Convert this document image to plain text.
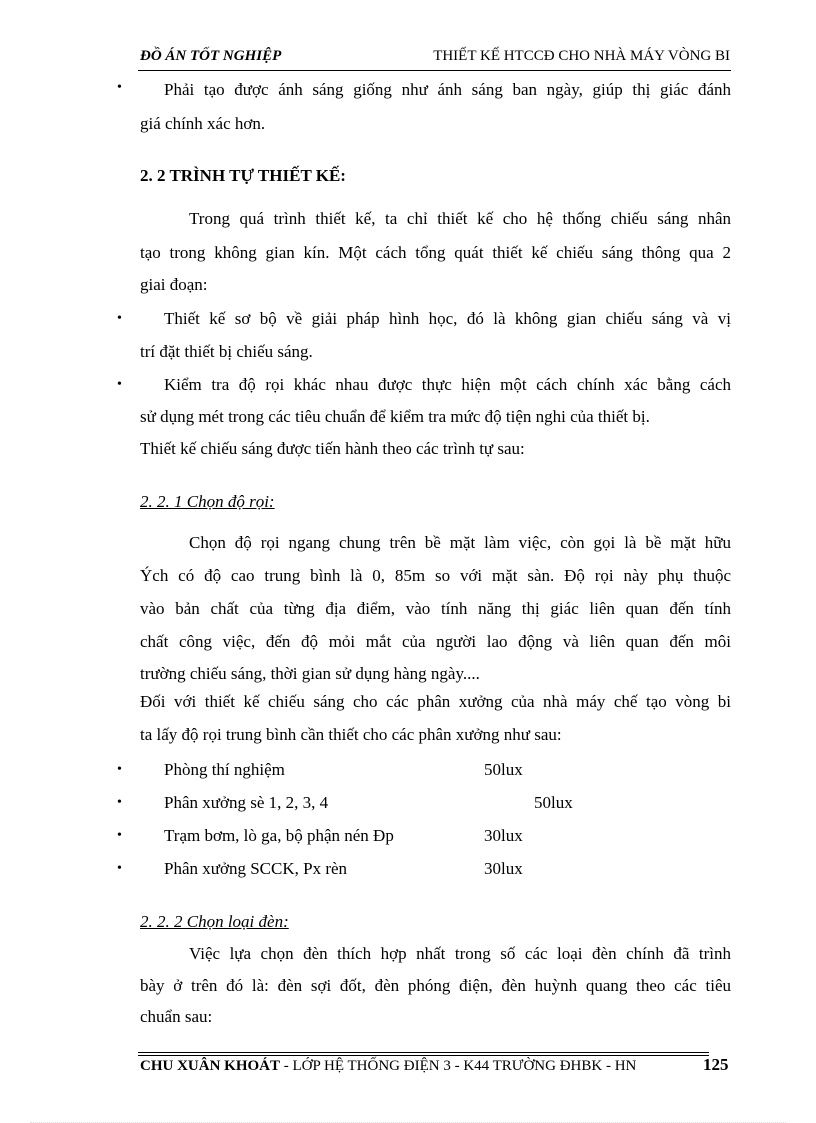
ĐỒ ÁN TỐT NGHIỆP	THIẾT KẾ HTCCĐ CHO NHÀ MÁY VÒNG BI
• Phải tạo được ánh sáng giống như ánh sáng ban ngày, giúp thị giác đánh
giá chính xác hơn.
2. 2 TRÌNH TỰ THIẾT KẾ:
Trong quá trình thiết kế, ta chỉ thiết kế cho hệ thống chiếu sáng nhân
tạo trong không gian kín. Một cách tổng quát thiết kế chiếu sáng thông qua 2
giai đoạn:
• Thiết kế sơ bộ về giải pháp hình học, đó là không gian chiếu sáng và vị
trí đặt thiết bị chiếu sáng.
• Kiểm tra độ rọi khác nhau được thực hiện một cách chính xác bằng cách
sử dụng mét trong các tiêu chuẩn để kiểm tra mức độ tiện nghi của thiết bị.
Thiết kế chiếu sáng được tiến hành theo các trình tự sau:
2. 2. 1 Chọn độ rọi:
Chọn độ rọi ngang chung trên bề mặt làm việc, còn gọi là bề mặt hữu
Ých có độ cao trung bình là 0, 85m so với mặt sàn. Độ rọi này phụ thuộc
vào bản chất của từng địa điểm, vào tính năng thị giác liên quan đến tính
chất công việc, đến độ mỏi mắt của người lao động và liên quan đến môi
trường chiếu sáng, thời gian sử dụng hàng ngày....
Đối với thiết kế chiếu sáng cho các phân xưởng của nhà máy chế tạo vòng bi
ta lấy độ rọi trung bình cần thiết cho các phân xưởng như sau:
• Phòng thí nghiệm	50lux
• Phân xưởng sè 1, 2, 3, 4	50lux
• Trạm bơm, lò ga, bộ phận nén Đp	30lux
• Phân xưởng SCCK, Px rèn	30lux
2. 2. 2 Chọn loại đèn:
Việc lựa chọn đèn thích hợp nhất trong số các loại đèn chính đã trình
bày ở trên đó là: đèn sợi đốt, đèn phóng điện, đèn huỳnh quang theo các tiêu
chuẩn sau:
CHU XUÂN KHOÁT - LỚP HỆ THỐNG ĐIỆN 3 - K44 TRƯỜNG ĐHBK - HN	125
